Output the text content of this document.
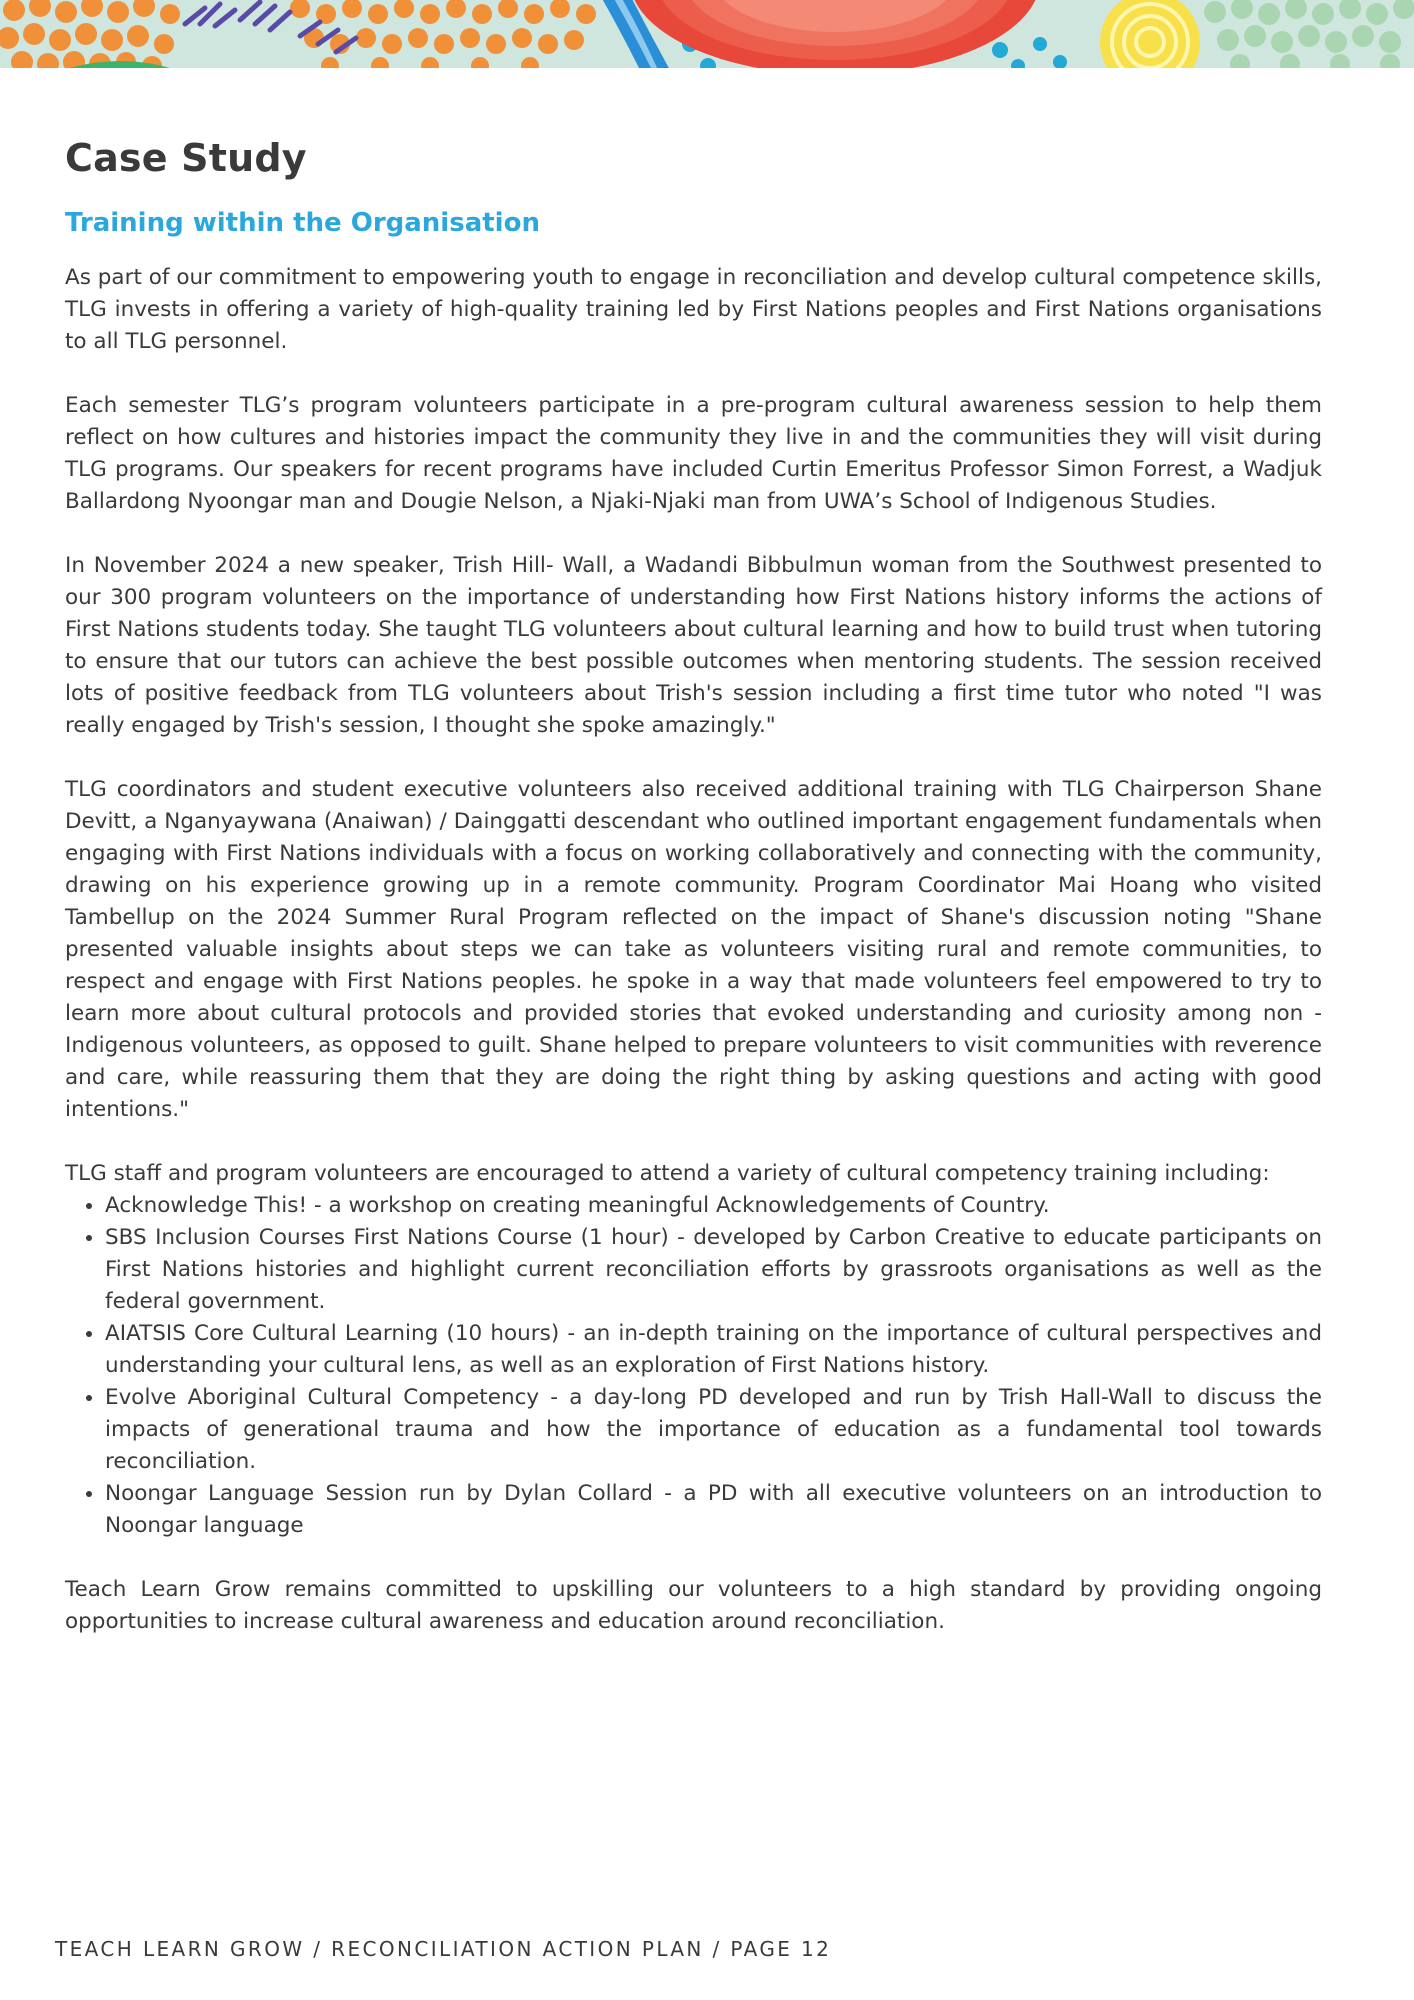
Case Study
Training within the Organisation

As part of our commitment to empowering youth to engage in reconciliation and develop cultural competence skills, TLG invests in offering a variety of high-quality training led by First Nations peoples and First Nations organisations to all TLG personnel.

Each semester TLG’s program volunteers participate in a pre-program cultural awareness session to help them reflect on how cultures and histories impact the community they live in and the communities they will visit during TLG programs. Our speakers for recent programs have included Curtin Emeritus Professor Simon Forrest, a Wadjuk Ballardong Nyoongar man and Dougie Nelson, a Njaki-Njaki man from UWA’s School of Indigenous Studies.

In November 2024 a new speaker, Trish Hill- Wall, a Wadandi Bibbulmun woman from the Southwest presented to our 300 program volunteers on the importance of understanding how First Nations history informs the actions of First Nations students today. She taught TLG volunteers about cultural learning and how to build trust when tutoring to ensure that our tutors can achieve the best possible outcomes when mentoring students. The session received lots of positive feedback from TLG volunteers about Trish's session including a first time tutor who noted "I was really engaged by Trish's session, I thought she spoke amazingly."

TLG coordinators and student executive volunteers also received additional training with TLG Chairperson Shane Devitt, a Nganyaywana (Anaiwan) / Dainggatti descendant who outlined important engagement fundamentals when engaging with First Nations individuals with a focus on working collaboratively and connecting with the community, drawing on his experience growing up in a remote community. Program Coordinator Mai Hoang who visited Tambellup on the 2024 Summer Rural Program reflected on the impact of Shane's discussion noting "Shane presented valuable insights about steps we can take as volunteers visiting rural and remote communities, to respect and engage with First Nations peoples. he spoke in a way that made volunteers feel empowered to try to learn more about cultural protocols and provided stories that evoked understanding and curiosity among non - Indigenous volunteers, as opposed to guilt. Shane helped to prepare volunteers to visit communities with reverence and care, while reassuring them that they are doing the right thing by asking questions and acting with good intentions."

TLG staff and program volunteers are encouraged to attend a variety of cultural competency training including:

• Acknowledge This! - a workshop on creating meaningful Acknowledgements of Country.
• SBS Inclusion Courses First Nations Course (1 hour) - developed by Carbon Creative to educate participants on First Nations histories and highlight current reconciliation efforts by grassroots organisations as well as the federal government.
• AIATSIS Core Cultural Learning (10 hours) - an in-depth training on the importance of cultural perspectives and understanding your cultural lens, as well as an exploration of First Nations history.
• Evolve Aboriginal Cultural Competency - a day-long PD developed and run by Trish Hall-Wall to discuss the impacts of generational trauma and how the importance of education as a fundamental tool towards reconciliation.
• Noongar Language Session run by Dylan Collard - a PD with all executive volunteers on an introduction to Noongar language

Teach Learn Grow remains committed to upskilling our volunteers to a high standard by providing ongoing opportunities to increase cultural awareness and education around reconciliation.

TEACH LEARN GROW / RECONCILIATION ACTION PLAN / PAGE 12
